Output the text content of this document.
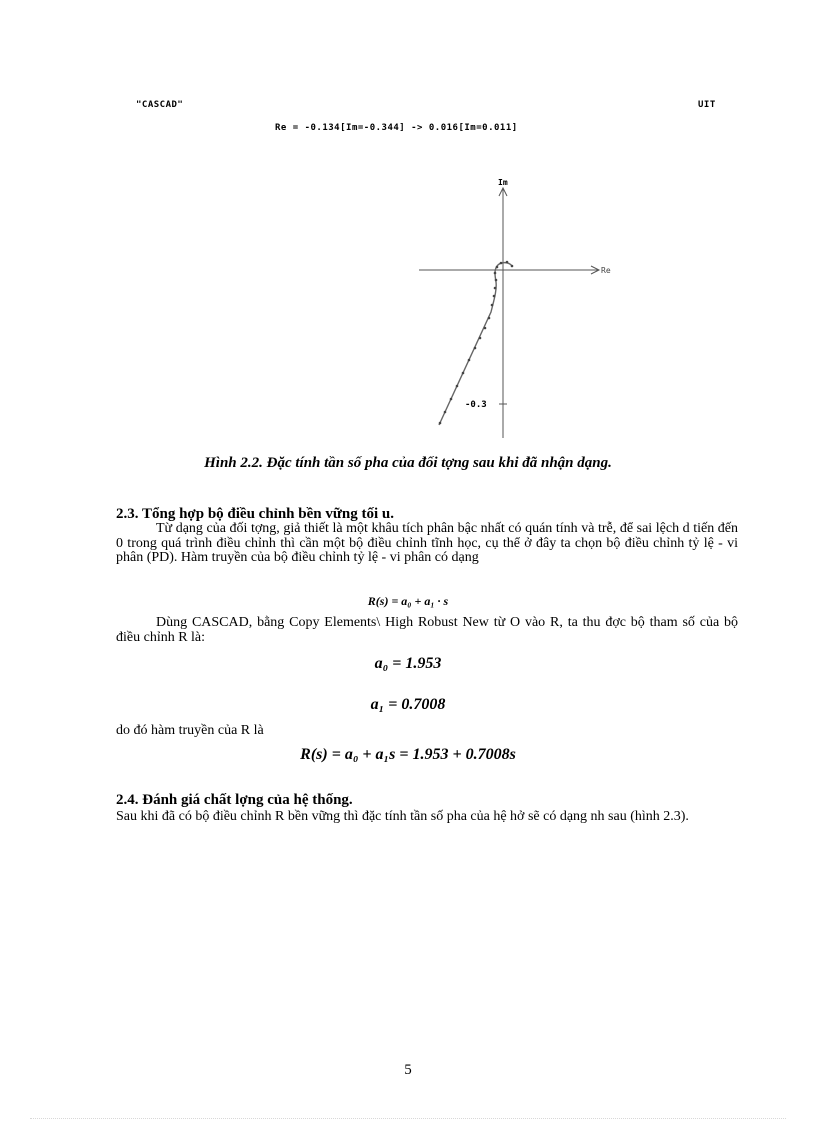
"CASCAD"	UIT
Re = -0.134[Im=-0.344] -> 0.016[Im=0.011]
Im
Re
-0.3
Hình 2.2. Đặc tính tần số pha của đối tợng sau khi đã nhận dạng.
2.3. Tổng hợp bộ điều chỉnh bền vững tối u.
Từ dạng của đối tợng, giả thiết là một khâu tích phân bậc nhất có quán tính và trễ, để sai lệch d tiến đến 0 trong quá trình điều chỉnh thì cần một bộ điều chỉnh tĩnh học, cụ thể ở đây ta chọn bộ điều chỉnh tỷ lệ - vi phân (PD). Hàm truyền của bộ điều chỉnh tỷ lệ - vi phân có dạng
R(s) = a₀ + a₁ · s
Dùng CASCAD, bằng Copy Elements\ High Robust New từ O vào R, ta thu đợc bộ tham số của bộ điều chỉnh R là:
a₀ = 1.953
a₁ = 0.7008
do đó hàm truyền của R là
R(s) = a₀ + a₁s = 1.953 + 0.7008s
2.4. Đánh giá chất lợng của hệ thống.
Sau khi đã có bộ điều chỉnh R bền vững thì đặc tính tần số pha của hệ hở sẽ có dạng nh sau (hình 2.3).
5
